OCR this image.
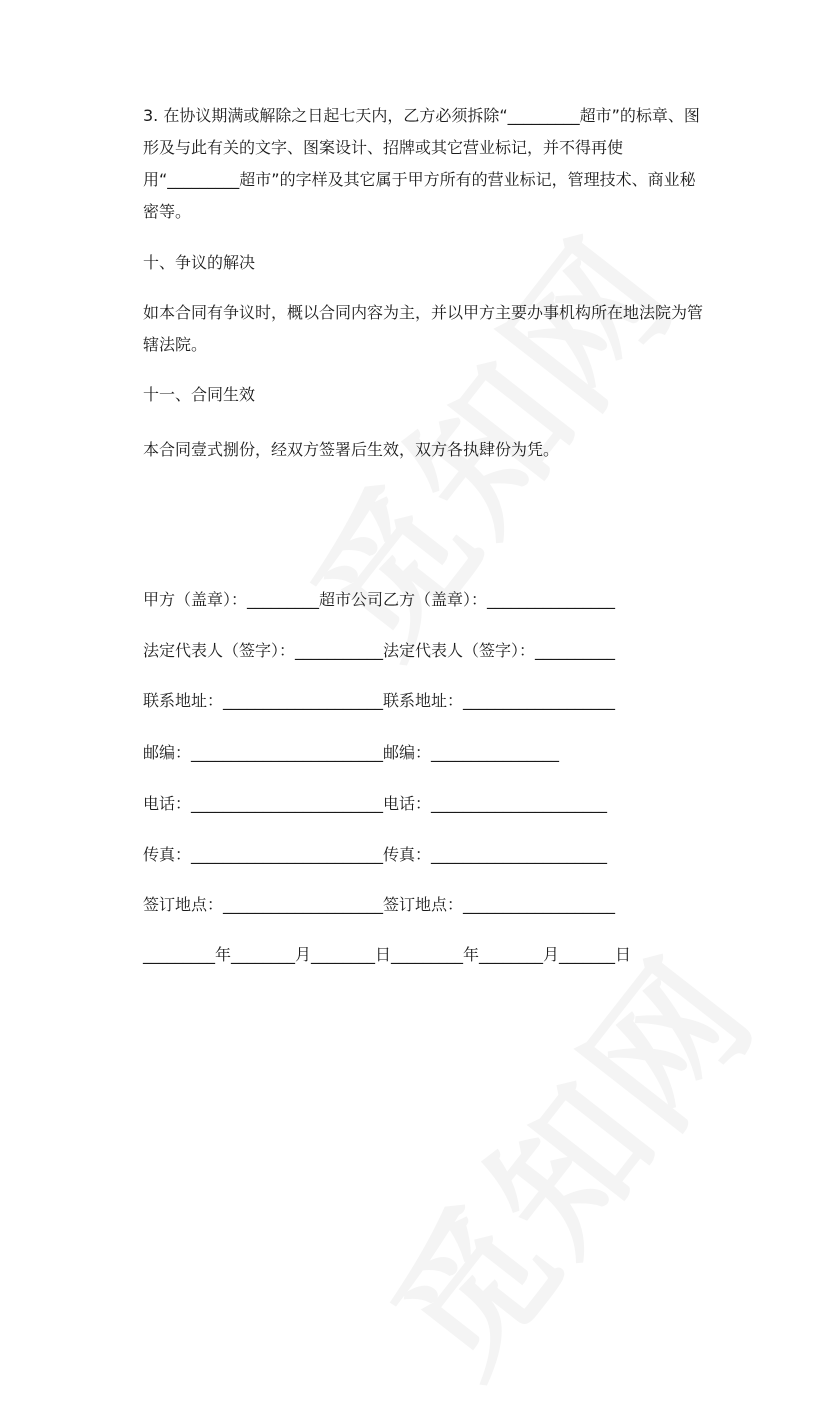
3. 在协议期满或解除之日起七天内，乙方必须拆除“_________超市”的标章、图形及与此有关的文字、图案设计、招牌或其它营业标记，并不得再使用“_________超市”的字样及其它属于甲方所有的营业标记，管理技术、商业秘密等。

十、争议的解决

如本合同有争议时，概以合同内容为主，并以甲方主要办事机构所在地法院为管辖法院。

十一、合同生效

本合同壹式捌份，经双方签署后生效，双方各执肆份为凭。

甲方（盖章）：_________超市公司乙方（盖章）：________________

法定代表人（签字）：___________法定代表人（签字）：__________

联系地址：____________________联系地址：___________________

邮编：________________________邮编：________________

电话：________________________电话：______________________

传真：________________________传真：______________________

签订地点：____________________签订地点：___________________

_________年________月________日_________年________月_______日
